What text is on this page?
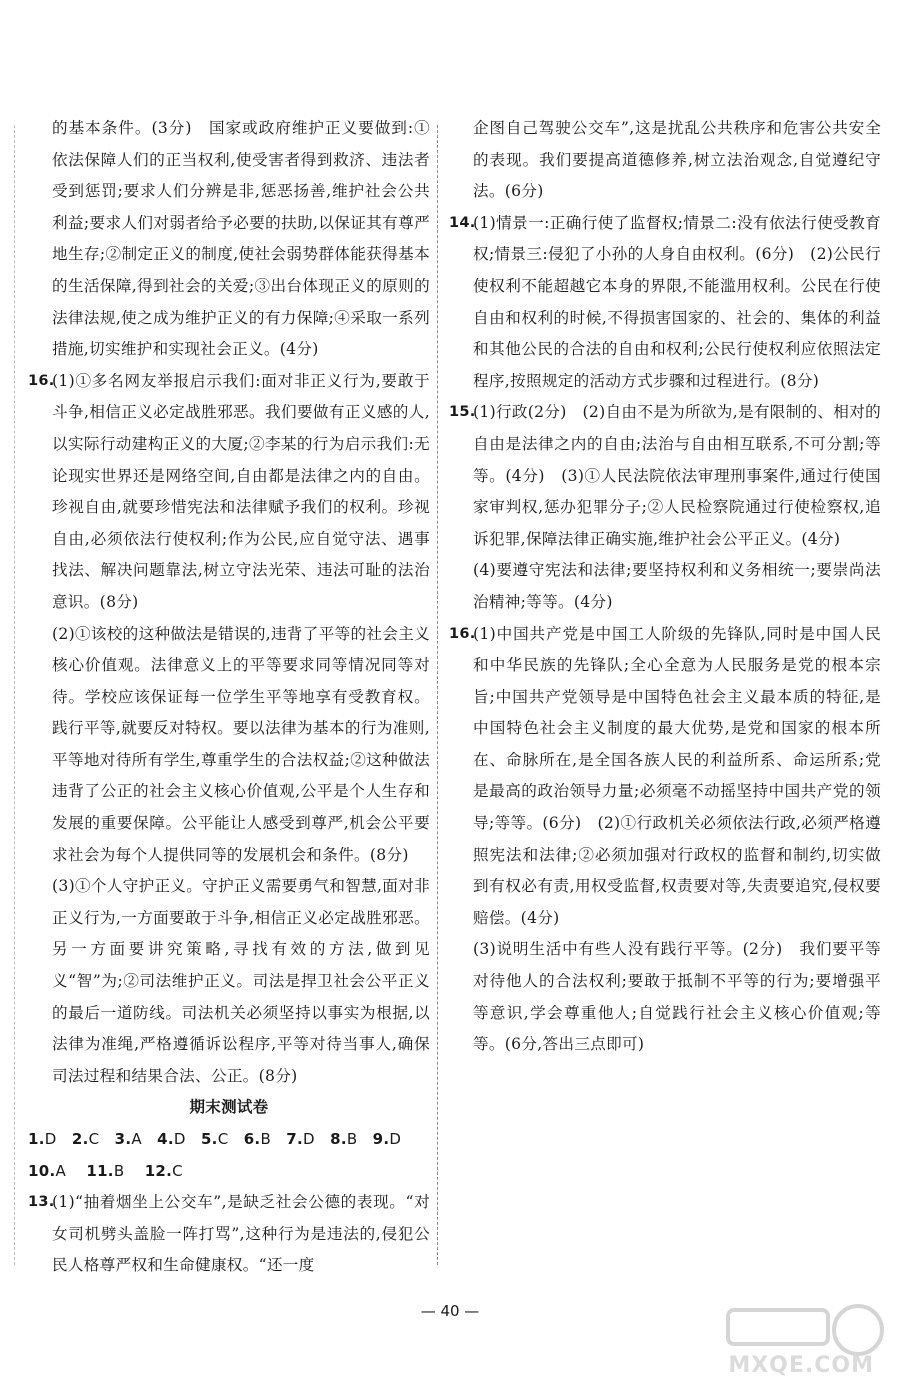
的基本条件。(3分)　国家或政府维护正义要做到:①依法保障人们的正当权利,使受害者得到救济、违法者受到惩罚;要求人们分辨是非,惩恶扬善,维护社会公共利益;要求人们对弱者给予必要的扶助,以保证其有尊严地生存;②制定正义的制度,使社会弱势群体能获得基本的生活保障,得到社会的关爱;③出台体现正义的原则的法律法规,使之成为维护正义的有力保障;④采取一系列措施,切实维护和实现社会正义。(4分)

16.
(1)①多名网友举报启示我们:面对非正义行为,要敢于斗争,相信正义必定战胜邪恶。我们要做有正义感的人,以实际行动建构正义的大厦;②李某的行为启示我们:无论现实世界还是网络空间,自由都是法律之内的自由。珍视自由,就要珍惜宪法和法律赋予我们的权利。珍视自由,必须依法行使权利;作为公民,应自觉守法、遇事找法、解决问题靠法,树立守法光荣、违法可耻的法治意识。(8分)

(2)①该校的这种做法是错误的,违背了平等的社会主义核心价值观。法律意义上的平等要求同等情况同等对待。学校应该保证每一位学生平等地享有受教育权。践行平等,就要反对特权。要以法律为基本的行为准则,平等地对待所有学生,尊重学生的合法权益;②这种做法违背了公正的社会主义核心价值观,公平是个人生存和发展的重要保障。公平能让人感受到尊严,机会公平要求社会为每个人提供同等的发展机会和条件。(8分)

(3)①个人守护正义。守护正义需要勇气和智慧,面对非正义行为,一方面要敢于斗争,相信正义必定战胜邪恶。另一方面要讲究策略,寻找有效的方法,做到见义“智”为;②司法维护正义。司法是捍卫社会公平正义的最后一道防线。司法机关必须坚持以事实为根据,以法律为准绳,严格遵循诉讼程序,平等对待当事人,确保司法过程和结果合法、公正。(8分)

期末测试卷

1.D 2.C 3.A 4.D 5.C 6.B 7.D 8.B 9.D

10.A 11.B 12.C

13.
(1)“抽着烟坐上公交车”,是缺乏社会公德的表现。“对女司机劈头盖脸一阵打骂”,这种行为是违法的,侵犯公民人格尊严权和生命健康权。“还一度

企图自己驾驶公交车”,这是扰乱公共秩序和危害公共安全的表现。我们要提高道德修养,树立法治观念,自觉遵纪守法。(6分)

14.
(1)情景一:正确行使了监督权;情景二:没有依法行使受教育权;情景三:侵犯了小孙的人身自由权利。(6分)　(2)公民行使权利不能超越它本身的界限,不能滥用权利。公民在行使自由和权利的时候,不得损害国家的、社会的、集体的利益和其他公民的合法的自由和权利;公民行使权利应依照法定程序,按照规定的活动方式步骤和过程进行。(8分)
15.
(1)行政(2分)　(2)自由不是为所欲为,是有限制的、相对的自由是法律之内的自由;法治与自由相互联系,不可分割;等等。(4分)　(3)①人民法院依法审理刑事案件,通过行使国家审判权,惩办犯罪分子;②人民检察院通过行使检察权,追诉犯罪,保障法律正确实施,维护社会公平正义。(4分)

(4)要遵守宪法和法律;要坚持权利和义务相统一;要崇尚法治精神;等等。(4分)

16.
(1)中国共产党是中国工人阶级的先锋队,同时是中国人民和中华民族的先锋队;全心全意为人民服务是党的根本宗旨;中国共产党领导是中国特色社会主义最本质的特征,是中国特色社会主义制度的最大优势,是党和国家的根本所在、命脉所在,是全国各族人民的利益所系、命运所系;党是最高的政治领导力量;必须毫不动摇坚持中国共产党的领导;等等。(6分)　(2)①行政机关必须依法行政,必须严格遵照宪法和法律;②必须加强对行政权的监督和制约,切实做到有权必有责,用权受监督,权责要对等,失责要追究,侵权要赔偿。(4分)

(3)说明生活中有些人没有践行平等。(2分)　我们要平等对待他人的合法权利;要敢于抵制不平等的行为;要增强平等意识,学会尊重他人;自觉践行社会主义核心价值观;等等。(6分,答出三点即可)

— 40 —
MXQE.COM
